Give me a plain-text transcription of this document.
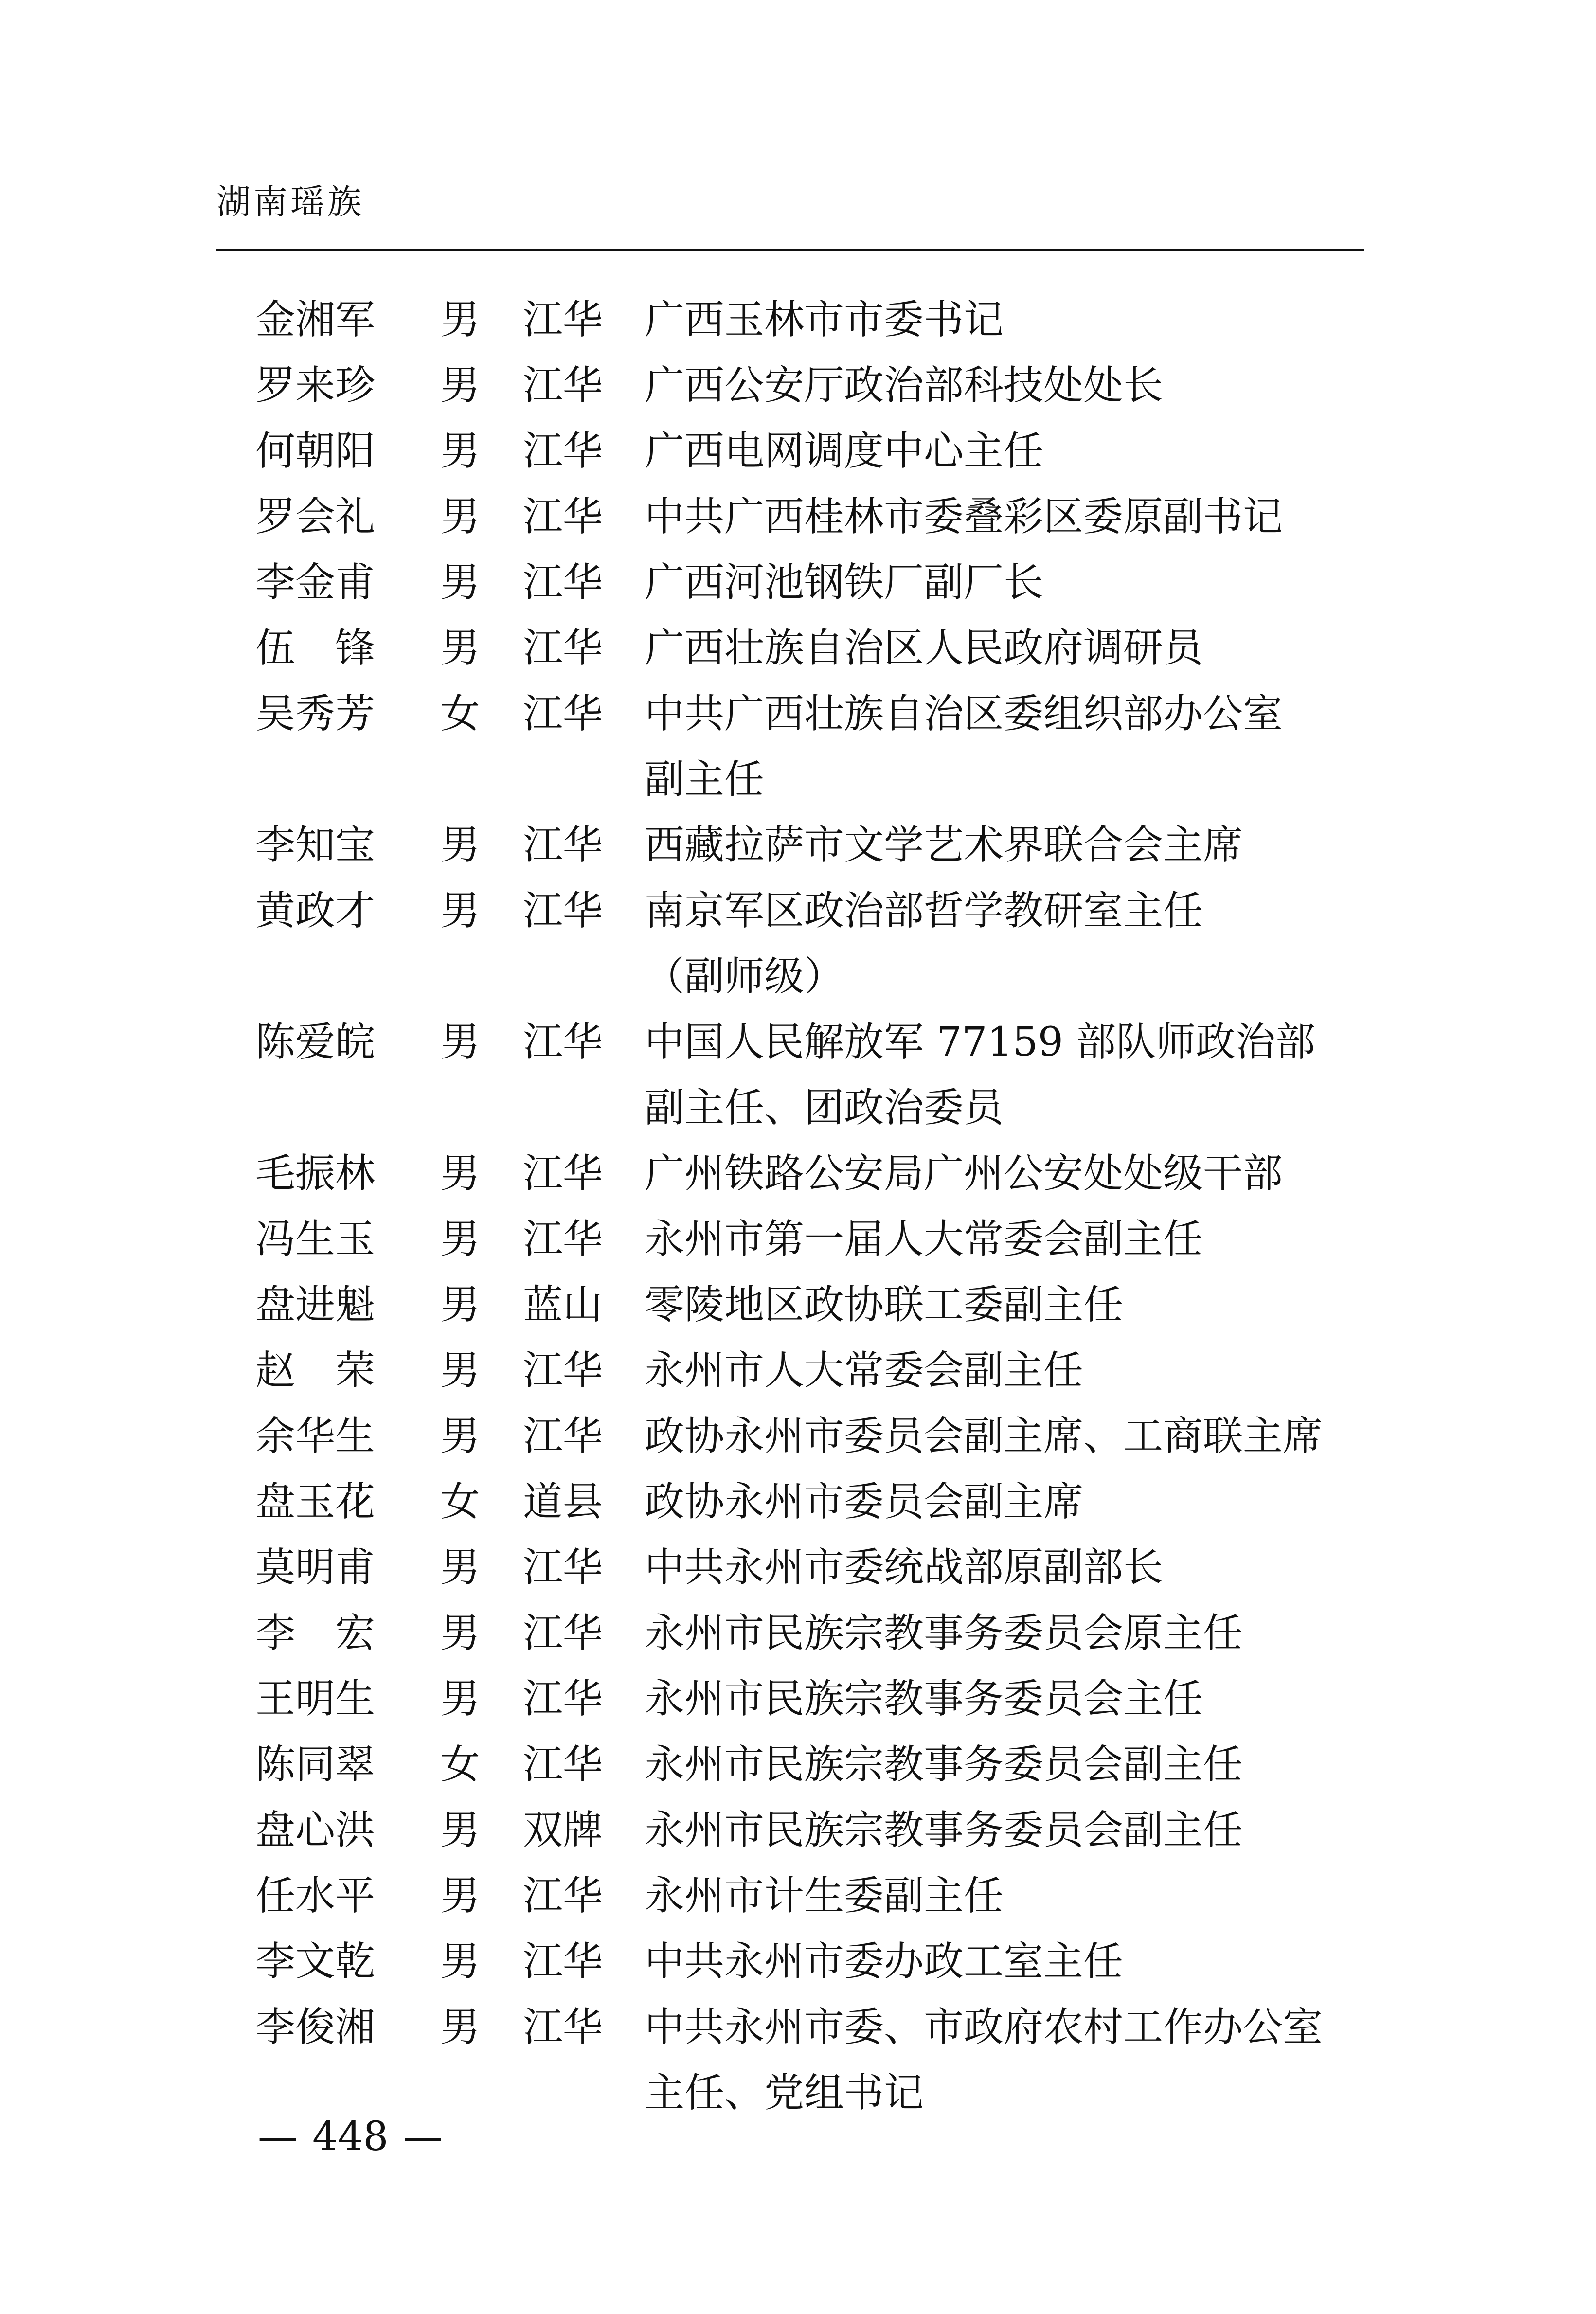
湖南瑶族
金湘军 男 江华 广西玉林市市委书记
罗来珍 男 江华 广西公安厅政治部科技处处长
何朝阳 男 江华 广西电网调度中心主任
罗会礼 男 江华 中共广西桂林市委叠彩区委原副书记
李金甫 男 江华 广西河池钢铁厂副厂长
伍　锋 男 江华 广西壮族自治区人民政府调研员
吴秀芳 女 江华 中共广西壮族自治区委组织部办公室
副主任
李知宝 男 江华 西藏拉萨市文学艺术界联合会主席
黄政才 男 江华 南京军区政治部哲学教研室主任
（副师级）
陈爱皖 男 江华 中国人民解放军 77159 部队师政治部
副主任、团政治委员
毛振林 男 江华 广州铁路公安局广州公安处处级干部
冯生玉 男 江华 永州市第一届人大常委会副主任
盘进魁 男 蓝山 零陵地区政协联工委副主任
赵　荣 男 江华 永州市人大常委会副主任
余华生 男 江华 政协永州市委员会副主席、工商联主席
盘玉花 女 道县 政协永州市委员会副主席
莫明甫 男 江华 中共永州市委统战部原副部长
李　宏 男 江华 永州市民族宗教事务委员会原主任
王明生 男 江华 永州市民族宗教事务委员会主任
陈同翠 女 江华 永州市民族宗教事务委员会副主任
盘心洪 男 双牌 永州市民族宗教事务委员会副主任
任水平 男 江华 永州市计生委副主任
李文乾 男 江华 中共永州市委办政工室主任
李俊湘 男 江华 中共永州市委、市政府农村工作办公室
主任、党组书记
— 448 —
